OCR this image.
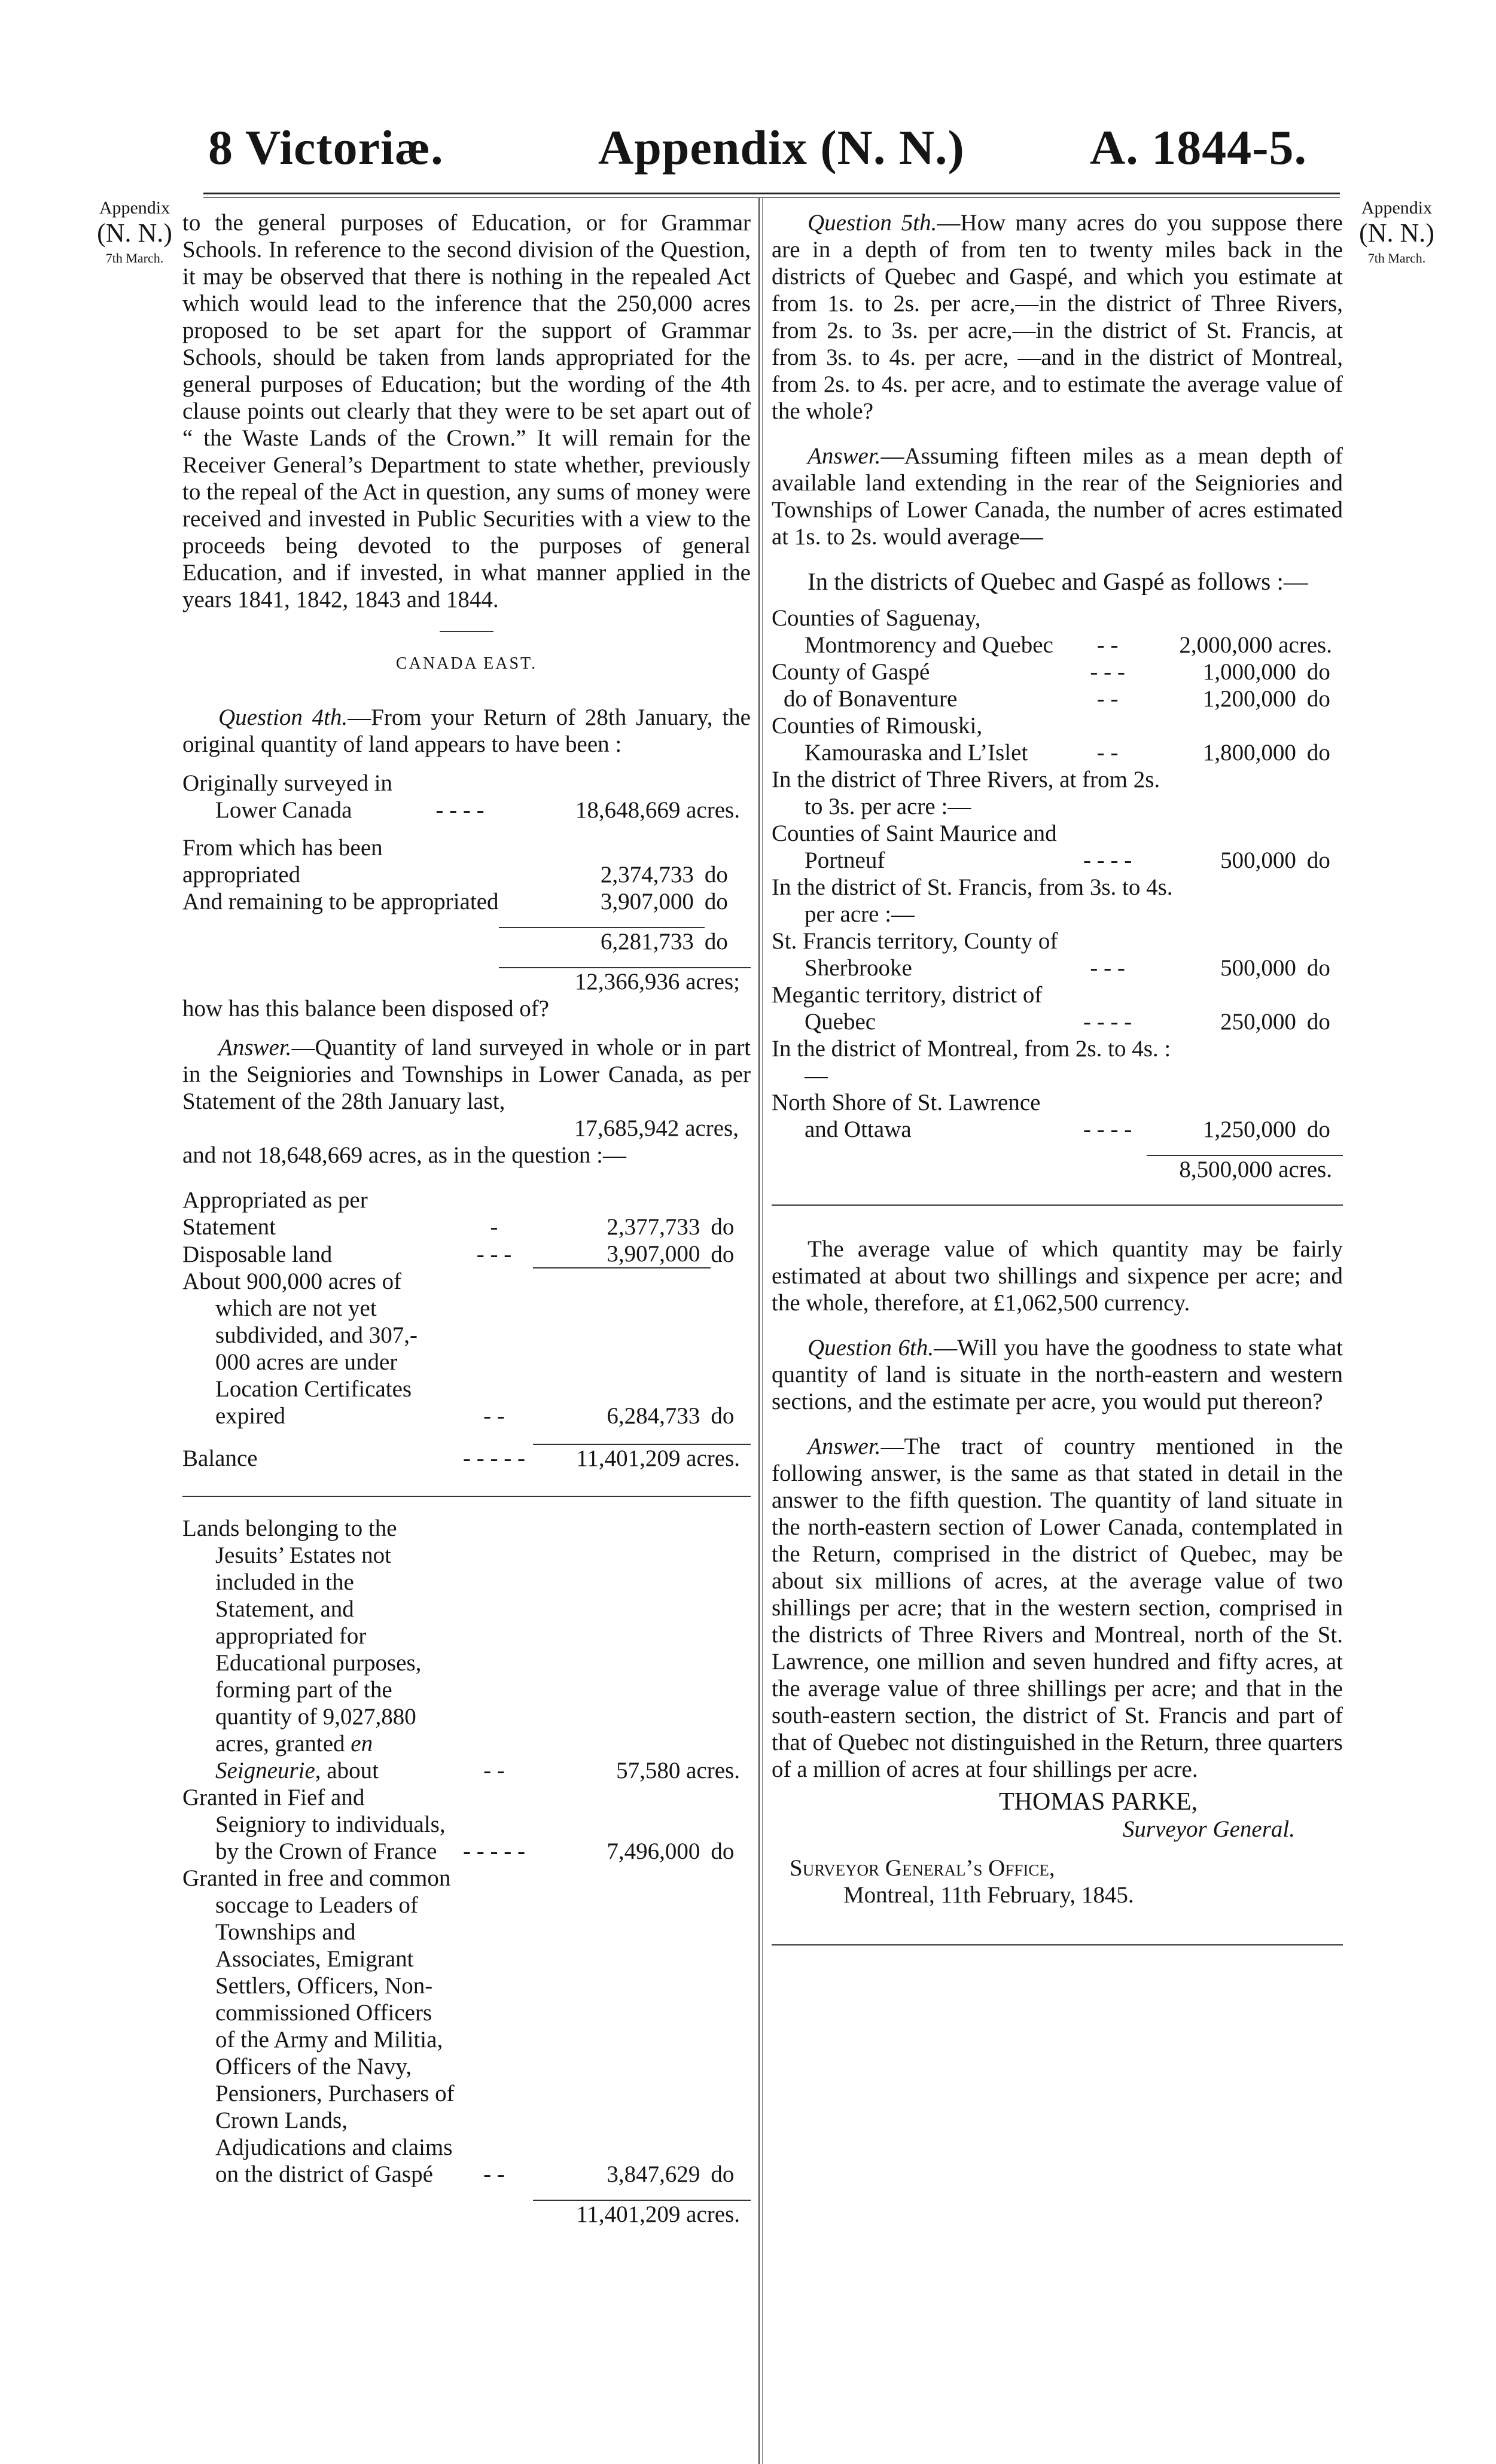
8 Victoriæ.	Appendix (N. N.)	A. 1844-5.
Appendix
(N. N.)
7th March.
Appendix
(N. N.)
7th March.

to the general purposes of Education, or for Grammar Schools. In reference to the second division of the Question, it may be observed that there is nothing in the repealed Act which would lead to the inference that the 250,000 acres proposed to be set apart for the support of Grammar Schools, should be taken from lands appropriated for the general purposes of Education; but the wording of the 4th clause points out clearly that they were to be set apart out of “ the Waste Lands of the Crown.” It will remain for the Receiver General’s Department to state whether, previously to the repeal of the Act in question, any sums of money were received and invested in Public Securities with a view to the proceeds being devoted to the purposes of general Education, and if invested, in what manner applied in the years 1841, 1842, 1843 and 1844.

CANADA EAST.

Question 4th.—From your Return of 28th January, the original quantity of land appears to have been :

Originally surveyed in Lower Canada	- - - -	18,648,669 acres.	

From which has been appropriated		2,374,733	do
And remaining to be appropriated		3,907,000	do

		6,281,733	do

		12,366,936 acres;	

how has this balance been disposed of?

Answer.—Quantity of land surveyed in whole or in part in the Seigniories and Townships in Lower Canada, as per Statement of the 28th January last,

17,685,942 acres,

and not 18,648,669 acres, as in the question :—

Appropriated as per Statement	-	2,377,733	do
Disposable land	- - -	3,907,000	do
About 900,000 acres of which are not yet subdivided, and 307,- 000 acres are under Location Certificates expired	- -	6,284,733	do

Balance	- - - - -	11,401,209 acres.	
Lands belonging to the Jesuits’ Estates not included in the Statement, and appropriated for Educational purposes, forming part of the quantity of 9,027,880 acres, granted en Seigneurie, about	- -	57,580 acres.	
Granted in Fief and Seigniory to individuals, by the Crown of France	- - - - -	7,496,000	do
Granted in free and common soccage to Leaders of Townships and Associates, Emigrant Settlers, Officers, Non-commissioned Officers of the Army and Militia, Officers of the Navy, Pensioners, Purchasers of Crown Lands, Adjudications and claims on the district of Gaspé	- -	3,847,629	do

		11,401,209 acres.	

Question 5th.—How many acres do you suppose there are in a depth of from ten to twenty miles back in the districts of Quebec and Gaspé, and which you estimate at from 1s. to 2s. per acre,—in the district of Three Rivers, from 2s. to 3s. per acre,—in the district of St. Francis, at from 3s. to 4s. per acre, —and in the district of Montreal, from 2s. to 4s. per acre, and to estimate the average value of the whole?

Answer.—Assuming fifteen miles as a mean depth of available land extending in the rear of the Seigniories and Townships of Lower Canada, the number of acres estimated at 1s. to 2s. would average—

In the districts of Quebec and Gaspé as follows :—

Counties of Saguenay, Montmorency and Quebec	- -	2,000,000 acres.	
County of Gaspé	- - -	1,000,000	do
do of Bonaventure	- -	1,200,000	do
Counties of Rimouski, Kamouraska and L’Islet	- -	1,800,000	do
In the district of Three Rivers, at from 2s. to 3s. per acre :—			
Counties of Saint Maurice and Portneuf	- - - -	500,000	do
In the district of St. Francis, from 3s. to 4s. per acre :—			
St. Francis territory, County of Sherbrooke	- - -	500,000	do
Megantic territory, district of Quebec	- - - -	250,000	do
In the district of Montreal, from 2s. to 4s. :—			
North Shore of St. Lawrence and Ottawa	- - - -	1,250,000	do

		8,500,000 acres.	

The average value of which quantity may be fairly estimated at about two shillings and sixpence per acre; and the whole, therefore, at £1,062,500 currency.

Question 6th.—Will you have the goodness to state what quantity of land is situate in the north-eastern and western sections, and the estimate per acre, you would put thereon?

Answer.—The tract of country mentioned in the following answer, is the same as that stated in detail in the answer to the fifth question. The quantity of land situate in the north-eastern section of Lower Canada, contemplated in the Return, comprised in the district of Quebec, may be about six millions of acres, at the average value of two shillings per acre; that in the western section, comprised in the districts of Three Rivers and Montreal, north of the St. Lawrence, one million and seven hundred and fifty acres, at the average value of three shillings per acre; and that in the south-eastern section, the district of St. Francis and part of that of Quebec not distinguished in the Return, three quarters of a million of acres at four shillings per acre.

THOMAS PARKE,

Surveyor General.

Surveyor General’s Office,

Montreal, 11th February, 1845.
